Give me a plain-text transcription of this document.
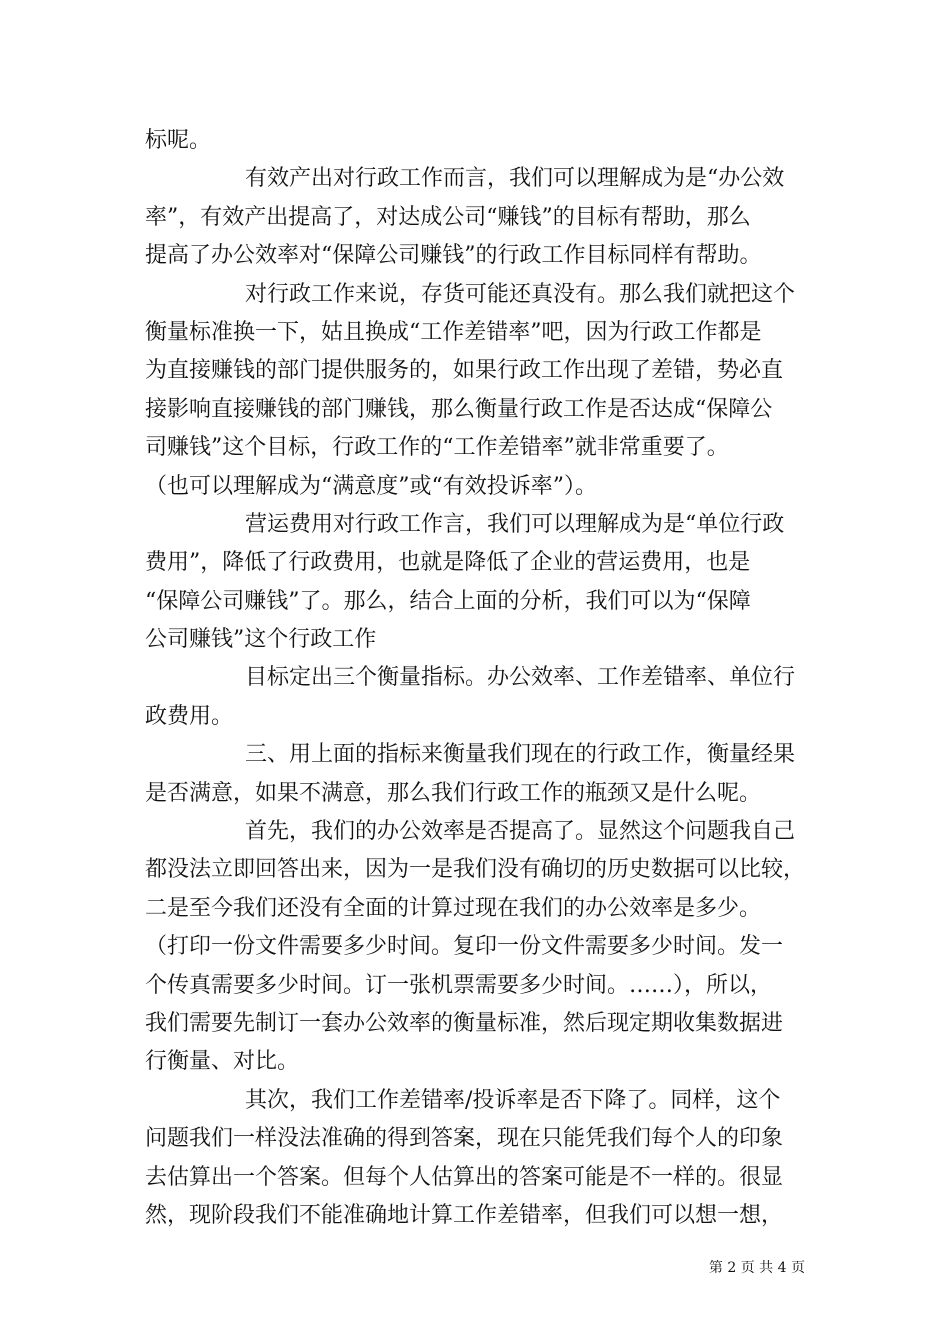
标呢。
有效产出对行政工作而言，我们可以理解成为是“办公效
率”，有效产出提高了，对达成公司“赚钱”的目标有帮助，那么
提高了办公效率对“保障公司赚钱”的行政工作目标同样有帮助。
对行政工作来说，存货可能还真没有。那么我们就把这个
衡量标准换一下，姑且换成“工作差错率”吧，因为行政工作都是
为直接赚钱的部门提供服务的，如果行政工作出现了差错，势必直
接影响直接赚钱的部门赚钱，那么衡量行政工作是否达成“保障公
司赚钱”这个目标，行政工作的“工作差错率”就非常重要了。
（也可以理解成为“满意度”或“有效投诉率”）。
营运费用对行政工作言，我们可以理解成为是“单位行政
费用”，降低了行政费用，也就是降低了企业的营运费用，也是
“保障公司赚钱”了。那么，结合上面的分析，我们可以为“保障
公司赚钱”这个行政工作
目标定出三个衡量指标。办公效率、工作差错率、单位行
政费用。
三、用上面的指标来衡量我们现在的行政工作，衡量经果
是否满意，如果不满意，那么我们行政工作的瓶颈又是什么呢。
首先，我们的办公效率是否提高了。显然这个问题我自己
都没法立即回答出来，因为一是我们没有确切的历史数据可以比较，
二是至今我们还没有全面的计算过现在我们的办公效率是多少。
（打印一份文件需要多少时间。复印一份文件需要多少时间。发一
个传真需要多少时间。订一张机票需要多少时间。……），所以，
我们需要先制订一套办公效率的衡量标准，然后现定期收集数据进
行衡量、对比。
其次，我们工作差错率/投诉率是否下降了。同样，这个
问题我们一样没法准确的得到答案，现在只能凭我们每个人的印象
去估算出一个答案。但每个人估算出的答案可能是不一样的。很显
然，现阶段我们不能准确地计算工作差错率，但我们可以想一想，
第 2 页 共 4 页
